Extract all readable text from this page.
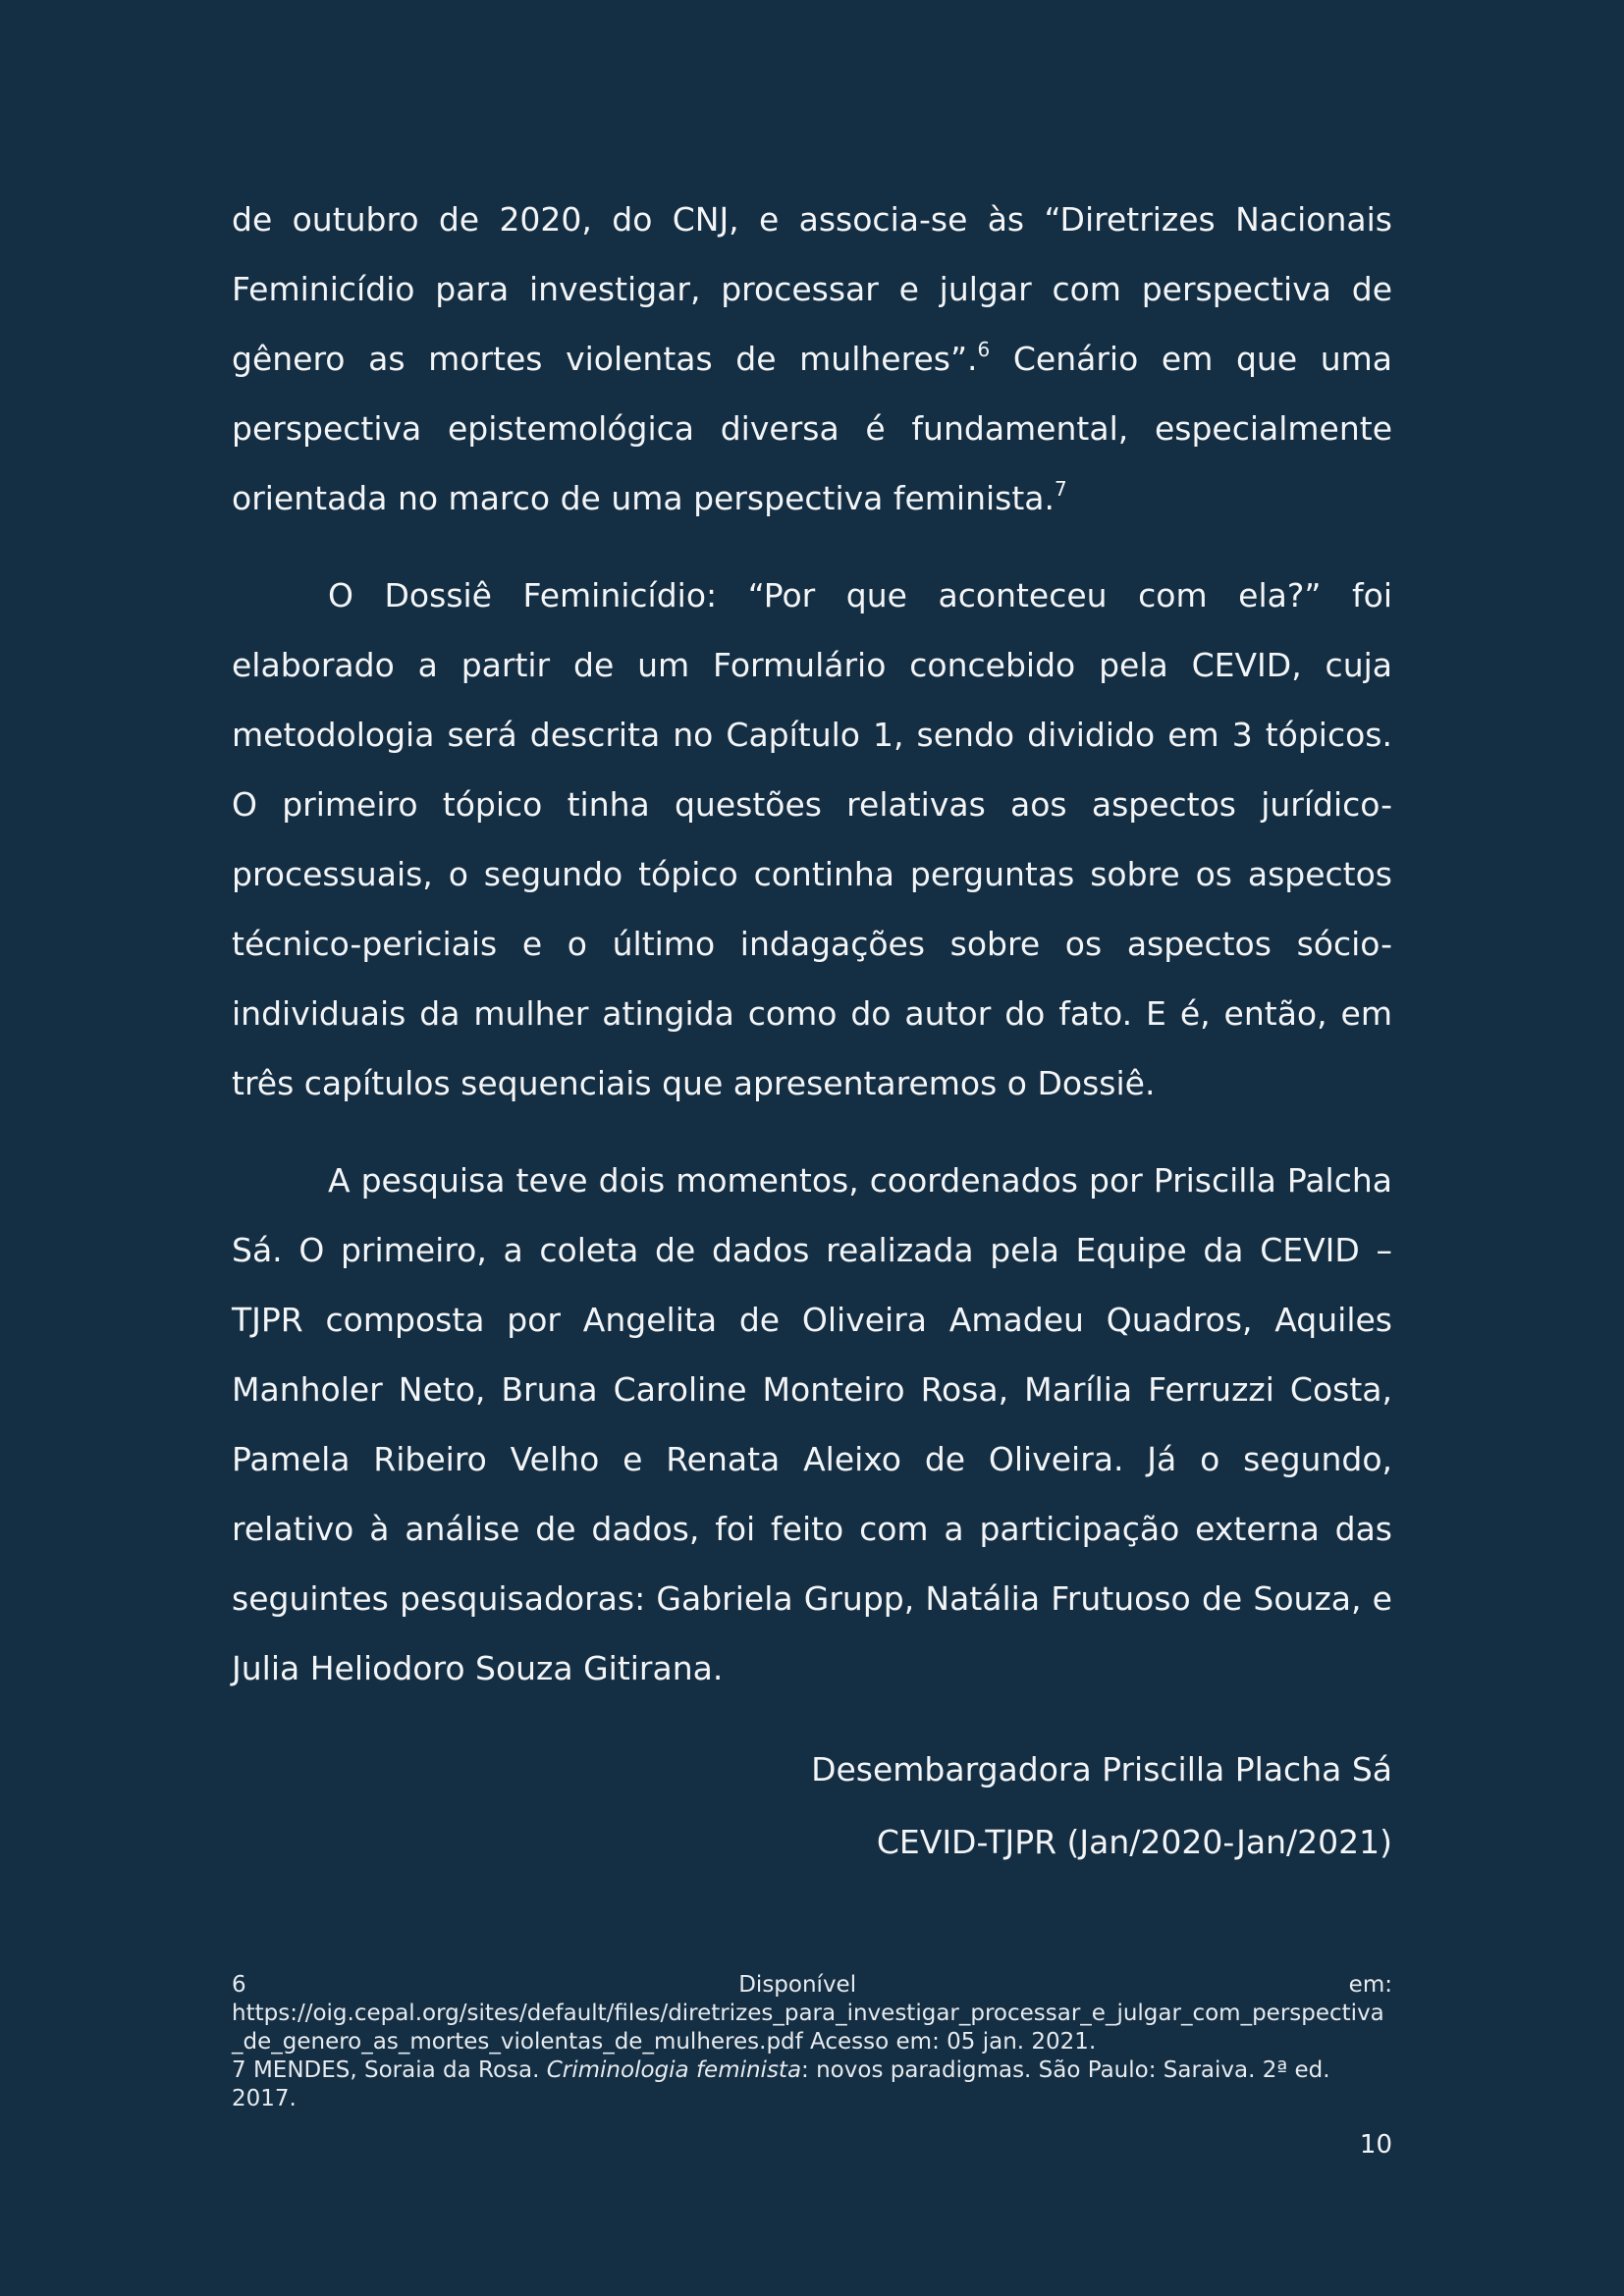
de outubro de 2020, do CNJ, e associa-se às “Diretrizes Nacionais Feminicídio para investigar, processar e julgar com perspectiva de gênero as mortes violentas de mulheres”.$^6$ Cenário em que uma perspectiva epistemológica diversa é fundamental, especialmente orientada no marco de uma perspectiva feminista.$^7$

O Dossiê Feminicídio: “Por que aconteceu com ela?” foi elaborado a partir de um Formulário concebido pela CEVID, cuja metodologia será descrita no Capítulo 1, sendo dividido em 3 tópicos. O primeiro tópico tinha questões relativas aos aspectos jurídico-processuais, o segundo tópico continha perguntas sobre os aspectos técnico-periciais e o último indagações sobre os aspectos sócio-individuais da mulher atingida como do autor do fato. E é, então, em três capítulos sequenciais que apresentaremos o Dossiê.

A pesquisa teve dois momentos, coordenados por Priscilla Palcha Sá. O primeiro, a coleta de dados realizada pela Equipe da CEVID – TJPR composta por Angelita de Oliveira Amadeu Quadros, Aquiles Manholer Neto, Bruna Caroline Monteiro Rosa, Marília Ferruzzi Costa, Pamela Ribeiro Velho e Renata Aleixo de Oliveira. Já o segundo, relativo à análise de dados, foi feito com a participação externa das seguintes pesquisadoras: Gabriela Grupp, Natália Frutuoso de Souza, e Julia Heliodoro Souza Gitirana.

Desembargadora Priscilla Placha Sá
CEVID-TJPR (Jan/2020-Jan/2021)
6	Disponível	em:
https://oig.cepal.org/sites/default/files/diretrizes_para_investigar_processar_e_julgar_com_perspectiva_de_genero_as_mortes_violentas_de_mulheres.pdf Acesso em: 05 jan. 2021.
7 MENDES, Soraia da Rosa. Criminologia feminista: novos paradigmas. São Paulo: Saraiva. 2ª ed. 2017.
10
